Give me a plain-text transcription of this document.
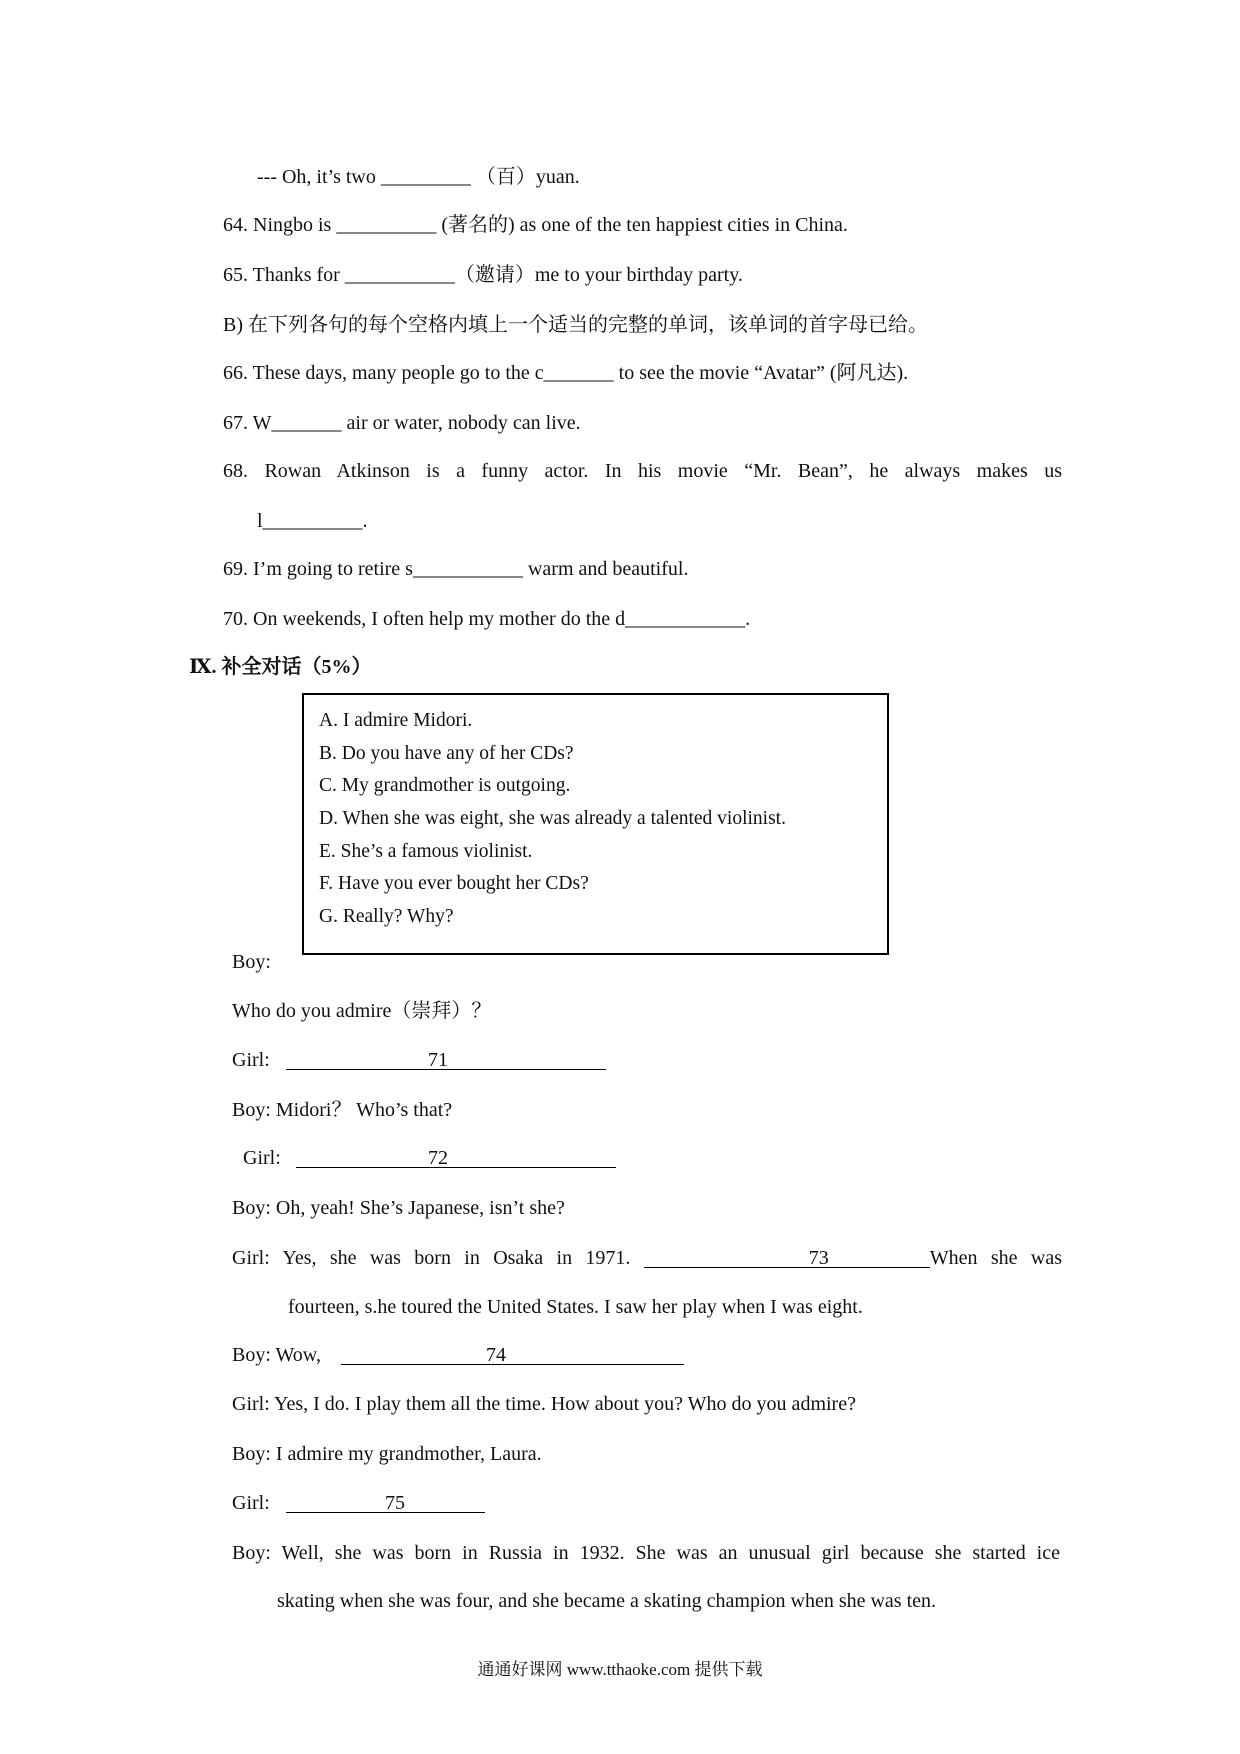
--- Oh, it’s two _________ （百）yuan.
64. Ningbo is __________ (著名的) as one of the ten happiest cities in China.
65. Thanks for ___________（邀请）me to your birthday party.
B) 在下列各句的每个空格内填上一个适当的完整的单词，该单词的首字母已给。
66. These days, many people go to the c_______ to see the movie “Avatar” (阿凡达).
67. W_______ air or water, nobody can live.
68. Rowan Atkinson is a funny actor. In his movie “Mr. Bean”, he always makes us
l__________.
69. I’m going to retire s___________ warm and beautiful.
70. On weekends, I often help my mother do the d____________.
Ⅸ. 补全对话（5%）
A. I admire Midori.
B. Do you have any of her CDs?
C. My grandmother is outgoing.
D. When she was eight, she was already a talented violinist.
E. She’s a famous violinist.
F. Have you ever bought her CDs?
G. Really? Why?
Boy:
Who do you admire（崇拜）？
Girl:	71
Boy: Midori？ Who’s that?
Girl:	72
Boy: Oh, yeah! She’s Japanese, isn’t she?
Girl: Yes, she was born in Osaka in 1971.	73	When she was
fourteen, s.he toured the United States. I saw her play when I was eight.
Boy: Wow,	74
Girl: Yes, I do. I play them all the time. How about you? Who do you admire?
Boy: I admire my grandmother, Laura.
Girl:	75
Boy: Well, she was born in Russia in 1932. She was an unusual girl because she started ice
skating when she was four, and she became a skating champion when she was ten.
通通好课网 www.tthaoke.com 提供下载
